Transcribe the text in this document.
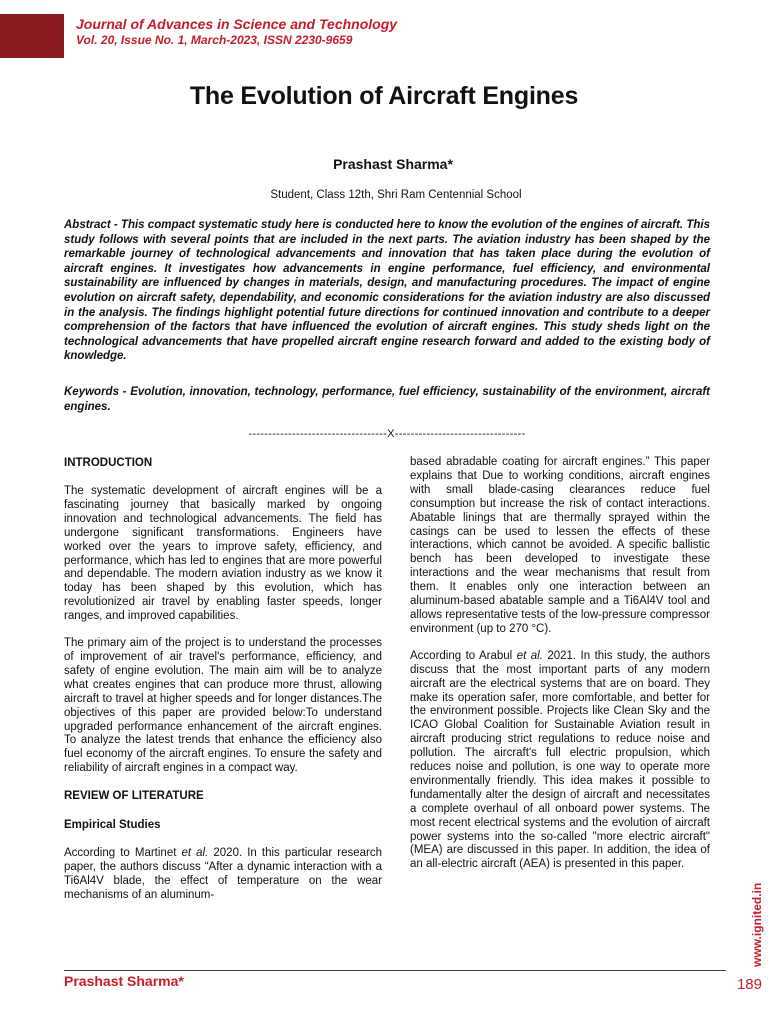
Journal of Advances in Science and Technology
Vol. 20, Issue No. 1, March-2023, ISSN 2230-9659
The Evolution of Aircraft Engines
Prashast Sharma*
Student, Class 12th, Shri Ram Centennial School

Abstract - This compact systematic study here is conducted here to know the evolution of the engines of aircraft. This study follows with several points that are included in the next parts. The aviation industry has been shaped by the remarkable journey of technological advancements and innovation that has taken place during the evolution of aircraft engines. It investigates how advancements in engine performance, fuel efficiency, and environmental sustainability are influenced by changes in materials, design, and manufacturing procedures. The impact of engine evolution on aircraft safety, dependability, and economic considerations for the aviation industry are also discussed in the analysis. The findings highlight potential future directions for continued innovation and contribute to a deeper comprehension of the factors that have influenced the evolution of aircraft engines. This study sheds light on the technological advancements that have propelled aircraft engine research forward and added to the existing body of knowledge.

Keywords - Evolution, innovation, technology, performance, fuel efficiency, sustainability of the environment, aircraft engines.

-----------------------------------X---------------------------------
INTRODUCTION

The systematic development of aircraft engines will be a fascinating journey that basically marked by ongoing innovation and technological advancements. The field has undergone significant transformations. Engineers have worked over the years to improve safety, efficiency, and performance, which has led to engines that are more powerful and dependable. The modern aviation industry as we know it today has been shaped by this evolution, which has revolutionized air travel by enabling faster speeds, longer ranges, and improved capabilities.

The primary aim of the project is to understand the processes of improvement of air travel's performance, efficiency, and safety of engine evolution. The main aim will be to analyze what creates engines that can produce more thrust, allowing aircraft to travel at higher speeds and for longer distances.The objectives of this paper are provided below:To understand upgraded performance enhancement of the aircraft engines. To analyze the latest trends that enhance the efficiency also fuel economy of the aircraft engines. To ensure the safety and reliability of aircraft engines in a compact way.

REVIEW OF LITERATURE
Empirical Studies

According to Martinet et al. 2020. In this particular research paper, the authors discuss “After a dynamic interaction with a Ti6Al4V blade, the effect of temperature on the wear mechanisms of an aluminum-

based abradable coating for aircraft engines.” This paper explains that Due to working conditions, aircraft engines with small blade-casing clearances reduce fuel consumption but increase the risk of contact interactions. Abatable linings that are thermally sprayed within the casings can be used to lessen the effects of these interactions, which cannot be avoided. A specific ballistic bench has been developed to investigate these interactions and the wear mechanisms that result from them. It enables only one interaction between an aluminum-based abatable sample and a Ti6Al4V tool and allows representative tests of the low-pressure compressor environment (up to 270 °C).

According to Arabul et al. 2021. In this study, the authors discuss that the most important parts of any modern aircraft are the electrical systems that are on board. They make its operation safer, more comfortable, and better for the environment possible. Projects like Clean Sky and the ICAO Global Coalition for Sustainable Aviation result in aircraft producing strict regulations to reduce noise and pollution. The aircraft's full electric propulsion, which reduces noise and pollution, is one way to operate more environmentally friendly. This idea makes it possible to fundamentally alter the design of aircraft and necessitates a complete overhaul of all onboard power systems. The most recent electrical systems and the evolution of aircraft power systems into the so-called "more electric aircraft" (MEA) are discussed in this paper. In addition, the idea of an all-electric aircraft (AEA) is presented in this paper.

Prashast Sharma*	189
www.ignited.in
